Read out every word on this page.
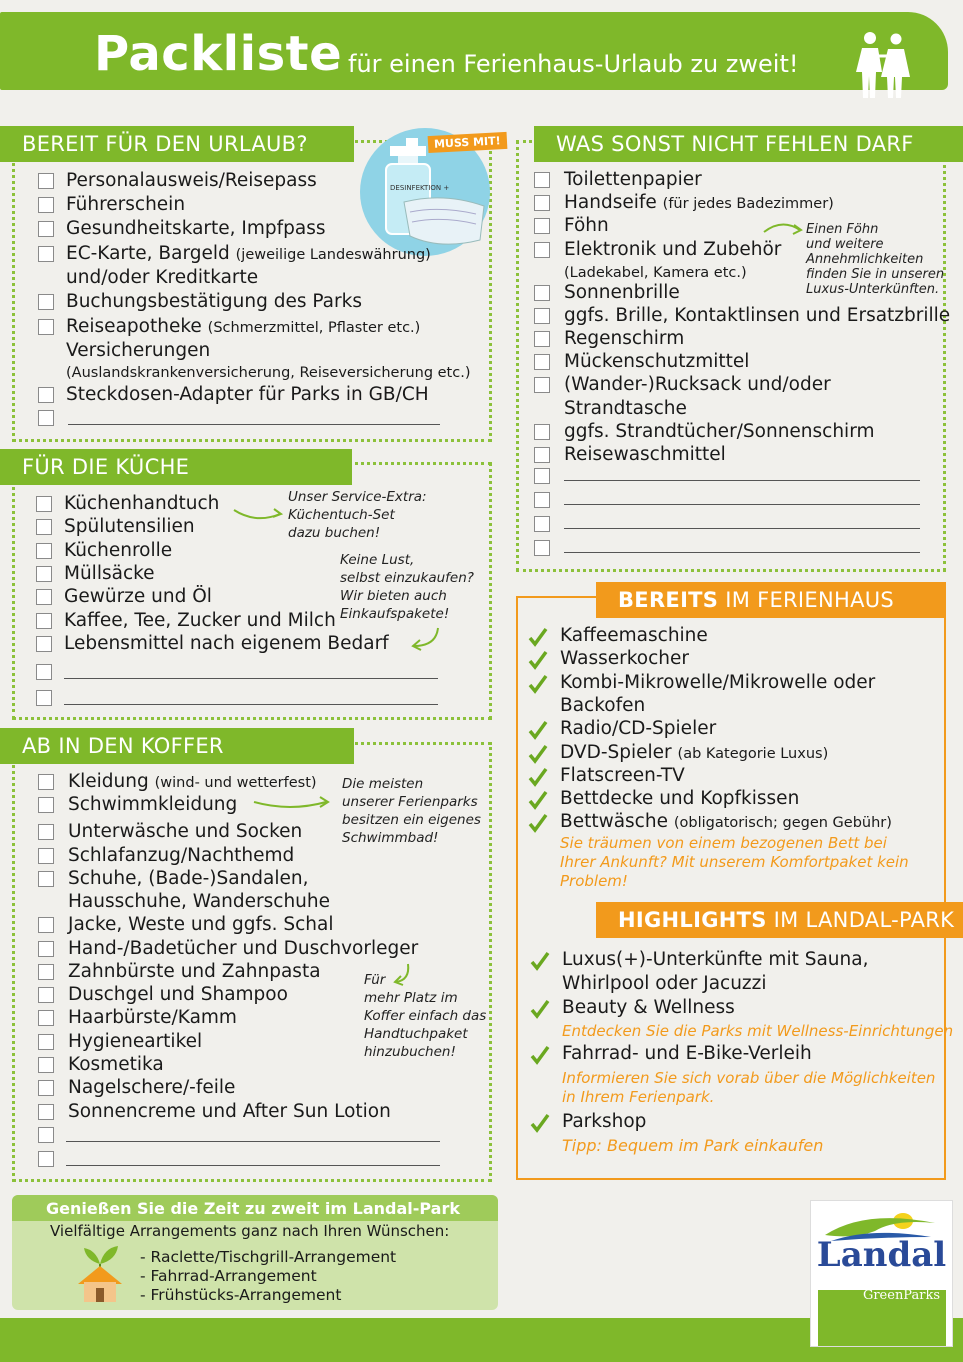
Packliste für einen Ferienhaus-Urlaub zu zweit!
BEREIT FÜR DEN URLAUB?
DESINFEKTION +
MUSS MIT!
Personalausweis/Reisepass
Führerschein
Gesundheitskarte, Impfpass
EC-Karte, Bargeld (jeweilige Landeswährung)
und/oder Kreditkarte
Buchungsbestätigung des Parks
Reiseapotheke (Schmerzmittel, Pflaster etc.)
Versicherungen
(Auslandskrankenversicherung, Reiseversicherung etc.)
Steckdosen-Adapter für Parks in GB/CH
FÜR DIE KÜCHE
Küchenhandtuch
Spülutensilien
Küchenrolle
Müllsäcke
Gewürze und Öl
Kaffee, Tee, Zucker und Milch
Lebensmittel nach eigenem Bedarf
Unser Service-Extra:
Küchentuch-Set
dazu buchen!
Keine Lust,
selbst einzukaufen?
Wir bieten auch
Einkaufspakete!
AB IN DEN KOFFER
Kleidung (wind- und wetterfest)
Schwimmkleidung
Unterwäsche und Socken
Schlafanzug/Nachthemd
Schuhe, (Bade-)Sandalen,
Hausschuhe, Wanderschuhe
Jacke, Weste und ggfs. Schal
Hand-/Badetücher und Duschvorleger
Zahnbürste und Zahnpasta
Duschgel und Shampoo
Haarbürste/Kamm
Hygieneartikel
Kosmetika
Nagelschere/-feile
Sonnencreme und After Sun Lotion
Die meisten
unserer Ferienparks
besitzen ein eigenes
Schwimmbad!
Für
mehr Platz im
Koffer einfach das
Handtuchpaket
hinzubuchen!
WAS SONST NICHT FEHLEN DARF
Toilettenpapier
Handseife (für jedes Badezimmer)
Föhn
Elektronik und Zubehör
(Ladekabel, Kamera etc.)
Sonnenbrille
ggfs. Brille, Kontaktlinsen und Ersatzbrille
Regenschirm
Mückenschutzmittel
(Wander-)Rucksack und/oder
Strandtasche
ggfs. Strandtücher/Sonnenschirm
Reisewaschmittel
Einen Föhn
und weitere
Annehmlichkeiten
finden Sie in unseren
Luxus-Unterkünften.
BEREITS IM FERIENHAUS
Kaffeemaschine
Wasserkocher
Kombi-Mikrowelle/Mikrowelle oder
Backofen
Radio/CD-Spieler
DVD-Spieler (ab Kategorie Luxus)
Flatscreen-TV
Bettdecke und Kopfkissen
Bettwäsche (obligatorisch; gegen Gebühr)
Sie träumen von einem bezogenen Bett bei
Ihrer Ankunft? Mit unserem Komfortpaket kein
Problem!
HIGHLIGHTS IM LANDAL-PARK
Luxus(+)-Unterkünfte mit Sauna,
Whirlpool oder Jacuzzi
Beauty & Wellness
Fahrrad- und E-Bike-Verleih
Parkshop
Entdecken Sie die Parks mit Wellness-Einrichtungen
Informieren Sie sich vorab über die Möglichkeiten
in Ihrem Ferienpark.
Tipp: Bequem im Park einkaufen
Genießen Sie die Zeit zu zweit im Landal-Park
Vielfältige Arrangements ganz nach Ihren Wünschen:
- Raclette/Tischgrill-Arrangement
- Fahrrad-Arrangement
- Frühstücks-Arrangement
Landal
GreenParks
